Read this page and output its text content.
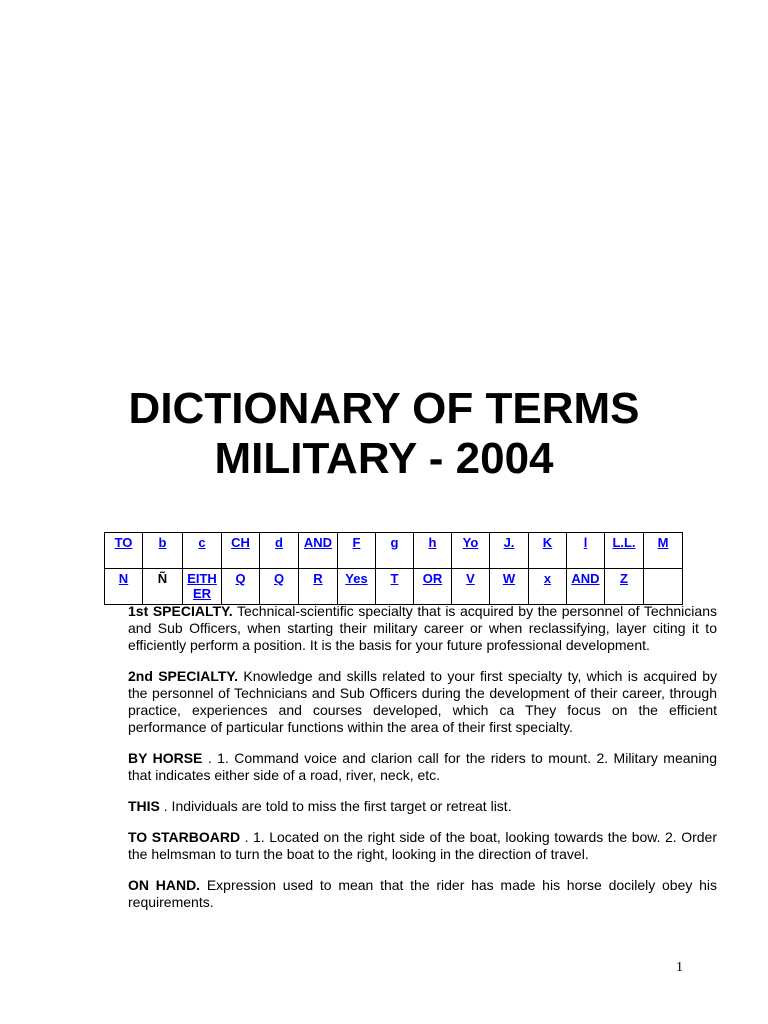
DICTIONARY OF TERMS
MILITARY - 2004
TO	b	c	CH	d	AND	F	g	h	Yo	J.	K	l	L.L.	M
N	Ñ	EITHER	Q	Q	R	Yes	T	OR	V	W	x	AND	Z	

1st SPECIALTY. Technical-scientific specialty that is acquired by the personnel of Technicians and Sub Officers, when starting their military career or when reclassifying, layer citing it to efficiently perform a position. It is the basis for your future professional development.

2nd SPECIALTY. Knowledge and skills related to your first specialty ty, which is acquired by the personnel of Technicians and Sub Officers during the development of their career, through practice, experiences and courses developed, which ca They focus on the efficient performance of particular functions within the area of their first specialty.

BY HORSE . 1. Command voice and clarion call for the riders to mount. 2. Military meaning that indicates either side of a road, river, neck, etc.

THIS . Individuals are told to miss the first target or retreat list.

TO STARBOARD . 1. Located on the right side of the boat, looking towards the bow. 2. Order the helmsman to turn the boat to the right, looking in the direction of travel.

ON HAND. Expression used to mean that the rider has made his horse docilely obey his requirements.

1
